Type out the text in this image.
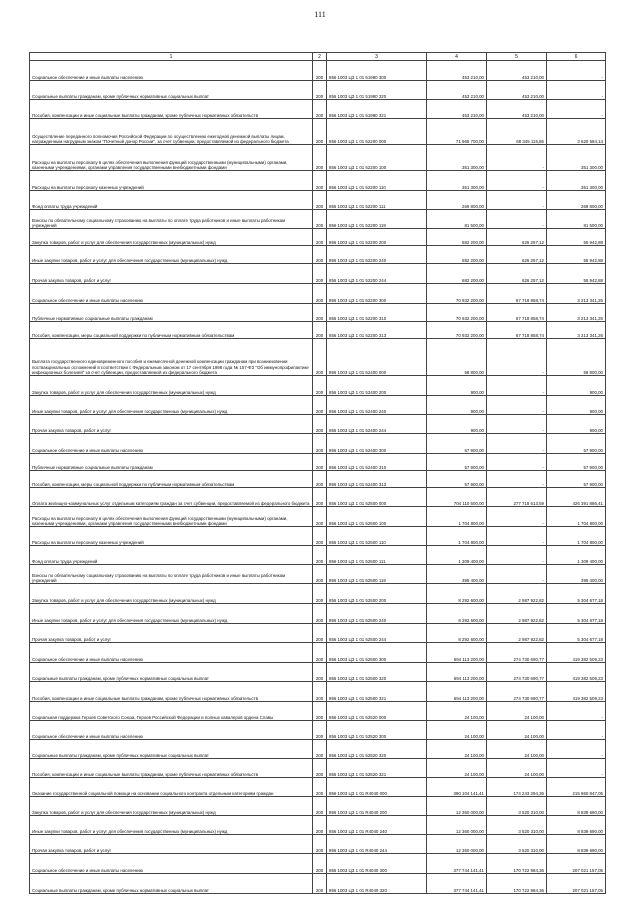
111
1	2	3	4	5	6
Социальное обеспечение и иные выплаты населению	200	856 1003 ЦЗ 1 01 51980 300	453 210,00	453 210,00	-
Социальные выплаты гражданам, кроме публичных нормативных социальных выплат	200	856 1003 ЦЗ 1 01 51980 320	453 210,00	453 210,00	-
Пособия, компенсации и иные социальные выплаты гражданам, кроме публичных нормативных обязательств	200	856 1003 ЦЗ 1 01 51980 321	453 210,00	453 210,00	-
Осуществление переданного полномочия Российской Федерации по осуществлению ежегодной денежной выплаты лицам, награжденным нагрудным знаком "Почетный донор России", за счет субвенции, предоставляемой из федерального бюджета	200	856 1003 ЦЗ 1 01 52200 000	71 965 700,00	68 345 115,86	3 620 584,14
Расходы на выплаты персоналу в целях обеспечения выполнения функций государственными (муниципальными) органами, казенными учреждениями, органами управления государственными внебюджетными фондами	200	856 1003 ЦЗ 1 01 52200 100	351 300,00	-	351 300,00
Расходы на выплаты персоналу казенных учреждений	200	856 1003 ЦЗ 1 01 52200 110	351 300,00	-	351 300,00
Фонд оплаты труда учреждений	200	856 1003 ЦЗ 1 01 52200 111	269 800,00	-	269 800,00
Взносы по обязательному социальному страхованию на выплаты по оплате труда работников и иные выплаты работникам учреждений	200	856 1003 ЦЗ 1 01 52200 119	81 500,00	-	81 500,00
Закупка товаров, работ и услуг для обеспечения государственных (муниципальных) нужд	200	856 1003 ЦЗ 1 01 52200 200	682 200,00	626 257,12	55 942,88
Иные закупки товаров, работ и услуг для обеспечения государственных (муниципальных) нужд	200	856 1003 ЦЗ 1 01 52200 240	682 200,00	626 257,12	55 942,88
Прочая закупка товаров, работ и услуг	200	856 1003 ЦЗ 1 01 52200 244	682 200,00	626 257,12	55 942,88
Социальное обеспечение и иные выплаты населению	200	856 1003 ЦЗ 1 01 52200 300	70 932 200,00	67 718 858,74	3 213 341,26
Публичные нормативные социальные выплаты гражданам	200	856 1003 ЦЗ 1 01 52200 310	70 932 200,00	67 718 858,74	3 213 341,26
Пособия, компенсации, меры социальной поддержки по публичным нормативным обязательствам	200	856 1003 ЦЗ 1 01 52200 313	70 932 200,00	67 718 858,74	3 213 341,26
Выплата государственного единовременного пособия и ежемесячной денежной компенсации гражданам при возникновении поствакцинальных осложнений в соответствии с Федеральным законом от 17 сентября 1998 года № 157-ФЗ "Об иммунопрофилактике инфекционных болезней" за счет субвенции, предоставляемой из федерального бюджета	200	856 1003 ЦЗ 1 01 52400 000	58 800,00	-	58 800,00
Закупка товаров, работ и услуг для обеспечения государственных (муниципальных) нужд	200	856 1003 ЦЗ 1 01 52400 200	900,00	-	900,00
Иные закупки товаров, работ и услуг для обеспечения государственных (муниципальных) нужд	200	856 1003 ЦЗ 1 01 52400 240	900,00	-	900,00
Прочая закупка товаров, работ и услуг	200	856 1003 ЦЗ 1 01 52400 244	900,00	-	900,00
Социальное обеспечение и иные выплаты населению	200	856 1003 ЦЗ 1 01 52400 300	57 900,00	-	57 900,00
Публичные нормативные социальные выплаты гражданам	200	856 1003 ЦЗ 1 01 52400 310	57 900,00	-	57 900,00
Пособия, компенсации, меры социальной поддержки по публичным нормативным обязательствам	200	856 1003 ЦЗ 1 01 52400 313	57 900,00	-	57 900,00
Оплата жилищно-коммунальных услуг отдельным категориям граждан за счет субвенции, предоставляемой из федерального бюджета	200	856 1003 ЦЗ 1 01 52500 000	704 110 500,00	277 718 613,59	426 391 886,41
Расходы на выплаты персоналу в целях обеспечения выполнения функций государственными (муниципальными) органами, казенными учреждениями, органами управления государственными внебюджетными фондами	200	856 1003 ЦЗ 1 01 52500 100	1 704 800,00	-	1 704 800,00
Расходы на выплаты персоналу казенных учреждений	200	856 1003 ЦЗ 1 01 52500 110	1 704 800,00	-	1 704 800,00
Фонд оплаты труда учреждений	200	856 1003 ЦЗ 1 01 52500 111	1 309 400,00	-	1 309 400,00
Взносы по обязательному социальному страхованию на выплаты по оплате труда работников и иные выплаты работникам учреждений	200	856 1003 ЦЗ 1 01 52500 119	395 400,00	-	395 400,00
Закупка товаров, работ и услуг для обеспечения государственных (муниципальных) нужд	200	856 1003 ЦЗ 1 01 52500 200	8 292 600,00	2 987 922,82	5 304 677,18
Иные закупки товаров, работ и услуг для обеспечения государственных (муниципальных) нужд	200	856 1003 ЦЗ 1 01 52500 240	8 292 600,00	2 987 922,82	5 304 677,18
Прочая закупка товаров, работ и услуг	200	856 1003 ЦЗ 1 01 52500 244	8 292 600,00	2 987 922,82	5 304 677,18
Социальное обеспечение и иные выплаты населению	200	856 1003 ЦЗ 1 01 52500 300	694 113 200,00	274 730 690,77	419 382 509,23
Социальные выплаты гражданам, кроме публичных нормативных социальных выплат	200	856 1003 ЦЗ 1 01 52500 320	694 113 200,00	274 730 690,77	419 382 509,23
Пособия, компенсации и иные социальные выплаты гражданам, кроме публичных нормативных обязательств	200	856 1003 ЦЗ 1 01 52500 321	694 113 200,00	274 730 690,77	419 382 509,23
Социальная поддержка Героев Советского Союза, Героев Российской Федерации и полных кавалеров ордена Славы	200	856 1003 ЦЗ 1 01 52520 000	24 100,00	24 100,00	-
Социальное обеспечение и иные выплаты населению	200	856 1003 ЦЗ 1 01 52520 300	24 100,00	24 100,00	-
Социальные выплаты гражданам, кроме публичных нормативных социальных выплат	200	856 1003 ЦЗ 1 01 52520 320	24 100,00	24 100,00	-
Пособия, компенсации и иные социальные выплаты гражданам, кроме публичных нормативных обязательств	200	856 1003 ЦЗ 1 01 52520 321	24 100,00	24 100,00	-
Оказание государственной социальной помощи на основании социального контракта отдельным категориям граждан	200	856 1003 ЦЗ 1 01 R4040 000	390 104 141,41	174 243 294,36	215 860 847,05
Закупка товаров, работ и услуг для обеспечения государственных (муниципальных) нужд	200	856 1003 ЦЗ 1 01 R4040 200	12 360 000,00	3 520 310,00	8 839 690,00
Иные закупки товаров, работ и услуг для обеспечения государственных (муниципальных) нужд	200	856 1003 ЦЗ 1 01 R4040 240	12 360 000,00	3 520 310,00	8 839 690,00
Прочая закупка товаров, работ и услуг	200	856 1003 ЦЗ 1 01 R4040 244	12 360 000,00	3 520 310,00	8 839 690,00
Социальное обеспечение и иные выплаты населению	200	856 1003 ЦЗ 1 01 R4040 300	377 744 141,41	170 722 984,36	207 021 157,05
Социальные выплаты гражданам, кроме публичных нормативных социальных выплат	200	856 1003 ЦЗ 1 01 R4040 320	377 744 141,41	170 722 984,36	207 021 157,05
